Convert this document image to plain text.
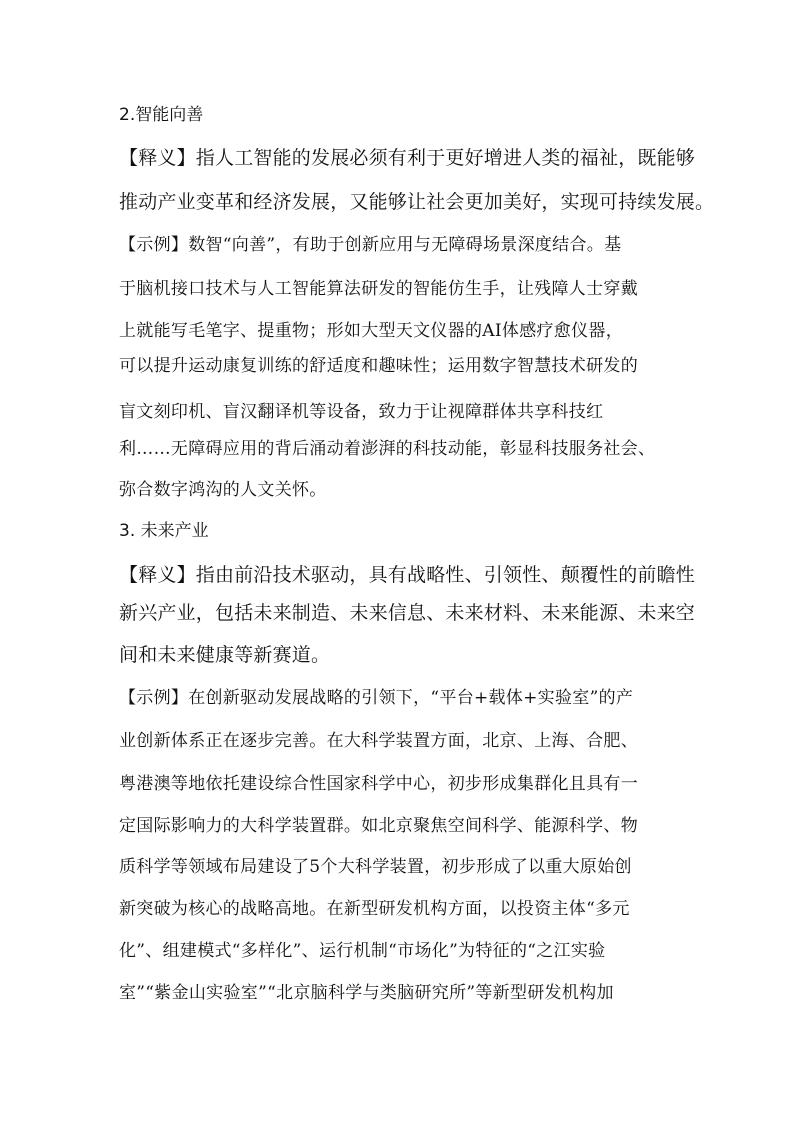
2.智能向善
【释义】指人工智能的发展必须有利于更好增进人类的福祉，既能够
推动产业变革和经济发展，又能够让社会更加美好，实现可持续发展。
【示例】数智“向善”，有助于创新应用与无障碍场景深度结合。基
于脑机接口技术与人工智能算法研发的智能仿生手，让残障人士穿戴
上就能写毛笔字、提重物；形如大型天文仪器的AI体感疗愈仪器，
可以提升运动康复训练的舒适度和趣味性；运用数字智慧技术研发的
盲文刻印机、盲汉翻译机等设备，致力于让视障群体共享科技红
利……无障碍应用的背后涌动着澎湃的科技动能，彰显科技服务社会、
弥合数字鸿沟的人文关怀。
3. 未来产业
【释义】指由前沿技术驱动，具有战略性、引领性、颠覆性的前瞻性
新兴产业，包括未来制造、未来信息、未来材料、未来能源、未来空
间和未来健康等新赛道。
【示例】在创新驱动发展战略的引领下，“平台+载体+实验室”的产
业创新体系正在逐步完善。在大科学装置方面，北京、上海、合肥、
粤港澳等地依托建设综合性国家科学中心，初步形成集群化且具有一
定国际影响力的大科学装置群。如北京聚焦空间科学、能源科学、物
质科学等领域布局建设了5个大科学装置，初步形成了以重大原始创
新突破为核心的战略高地。在新型研发机构方面，以投资主体“多元
化”、组建模式“多样化”、运行机制“市场化”为特征的“之江实验
室”“紫金山实验室”“北京脑科学与类脑研究所”等新型研发机构加
